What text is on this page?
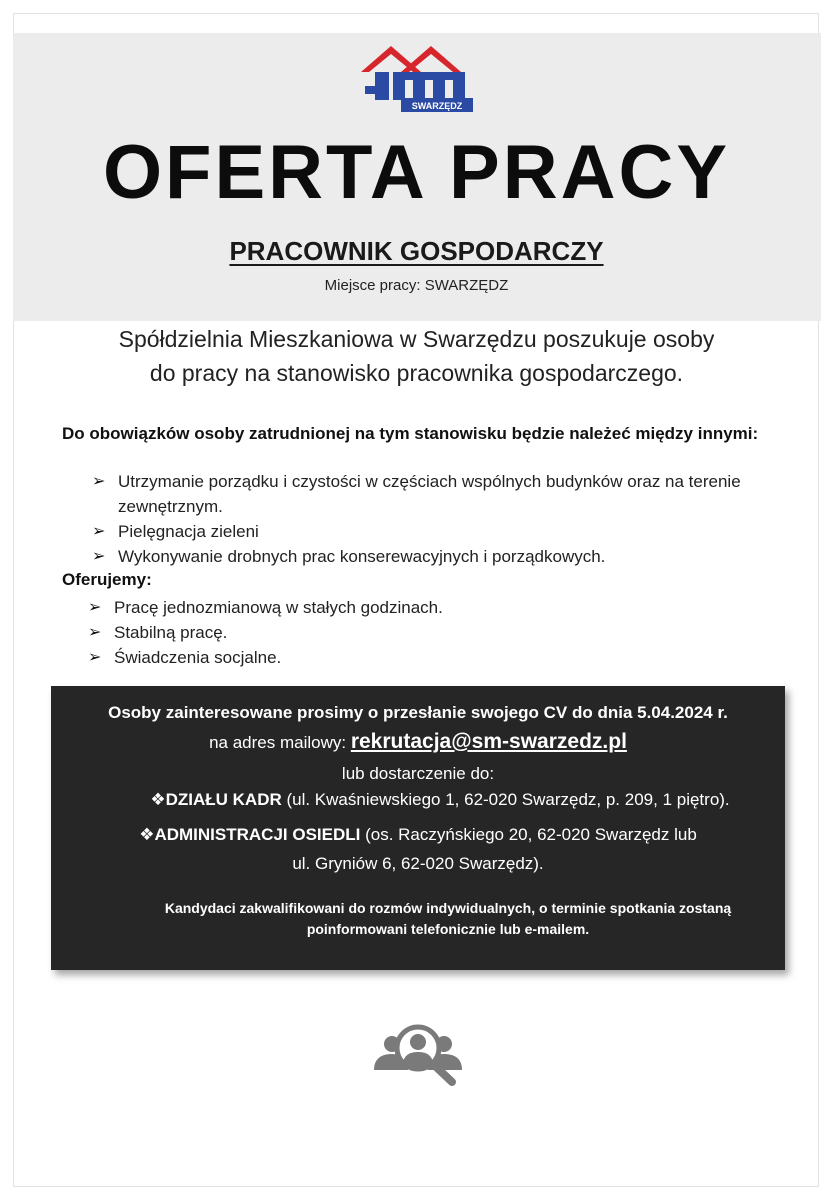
SWARZĘDZ
OFERTA PRACY
PRACOWNIK GOSPODARCZY
Miejsce pracy: SWARZĘDZ
Spółdzielnia Mieszkaniowa w Swarzędzu poszukuje osoby
do pracy na stanowisko pracownika gospodarczego.
Do obowiązków osoby zatrudnionej na tym stanowisku będzie należeć między innymi:
➢ Utrzymanie porządku i czystości w częściach wspólnych budynków oraz na terenie zewnętrznym.
➢ Pielęgnacja zieleni
➢ Wykonywanie drobnych prac konserewacyjnych i porządkowych.
Oferujemy:
➢ Pracę jednozmianową w stałych godzinach.
➢ Stabilną pracę.
➢ Świadczenia socjalne.
Osoby zainteresowane prosimy o przesłanie swojego CV do dnia 5.04.2024 r.
na adres mailowy: rekrutacja@sm-swarzedz.pl
lub dostarczenie do:
❖DZIAŁU KADR (ul. Kwaśniewskiego 1, 62-020 Swarzędz, p. 209, 1 piętro).
❖ADMINISTRACJI OSIEDLI (os. Raczyńskiego 20, 62-020 Swarzędz lub
ul. Gryniów 6, 62-020 Swarzędz).
Kandydaci zakwalifikowani do rozmów indywidualnych, o terminie spotkania zostaną
poinformowani telefonicznie lub e-mailem.
